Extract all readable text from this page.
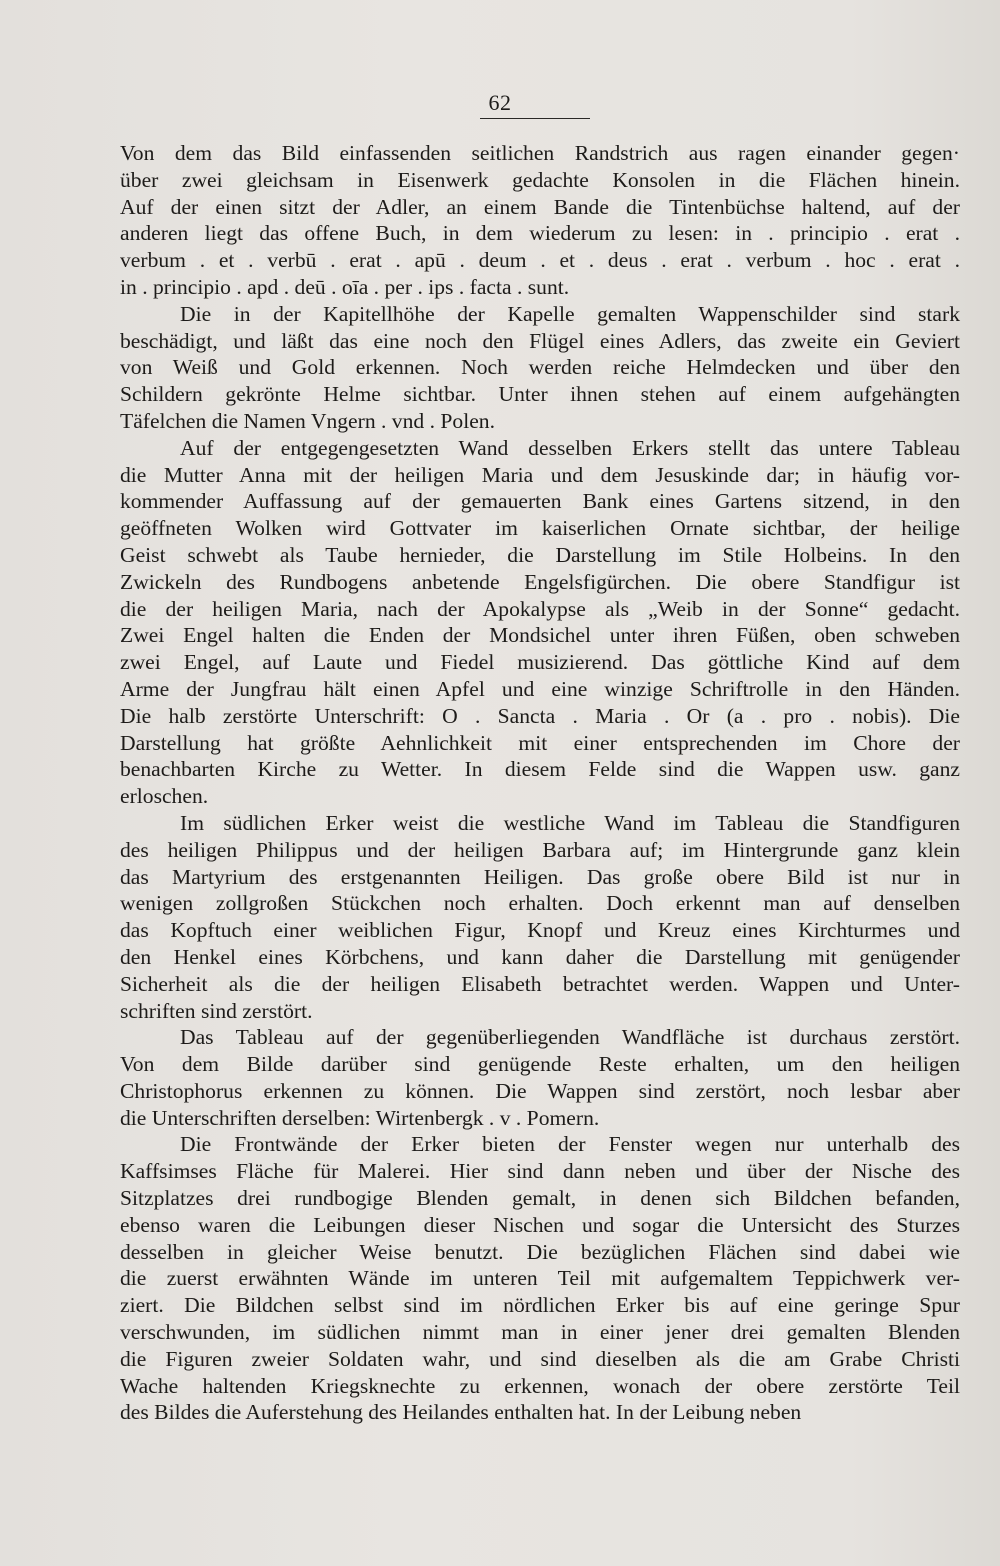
62

Von dem das Bild einfassenden seitlichen Randstrich aus ragen einander gegen·
über zwei gleichsam in Eisenwerk gedachte Konsolen in die Flächen hinein.
Auf der einen sitzt der Adler, an einem Bande die Tintenbüchse haltend, auf der
anderen liegt das offene Buch, in dem wiederum zu lesen: in . principio . erat .
verbum . et . verbū . erat . apū . deum . et . deus . erat . verbum . hoc . erat .
in . principio . apd . deū . oīa . per . ips . facta . sunt.

Die in der Kapitellhöhe der Kapelle gemalten Wappenschilder sind stark
beschädigt, und läßt das eine noch den Flügel eines Adlers, das zweite ein Geviert
von Weiß und Gold erkennen. Noch werden reiche Helmdecken und über den
Schildern gekrönte Helme sichtbar. Unter ihnen stehen auf einem aufgehängten
Täfelchen die Namen Vngern . vnd . Polen.

Auf der entgegengesetzten Wand desselben Erkers stellt das untere Tableau
die Mutter Anna mit der heiligen Maria und dem Jesuskinde dar; in häufig vor-
kommender Auffassung auf der gemauerten Bank eines Gartens sitzend, in den
geöffneten Wolken wird Gottvater im kaiserlichen Ornate sichtbar, der heilige
Geist schwebt als Taube hernieder, die Darstellung im Stile Holbeins. In den
Zwickeln des Rundbogens anbetende Engelsfigürchen. Die obere Standfigur ist
die der heiligen Maria, nach der Apokalypse als „Weib in der Sonne“ gedacht.
Zwei Engel halten die Enden der Mondsichel unter ihren Füßen, oben schweben
zwei Engel, auf Laute und Fiedel musizierend. Das göttliche Kind auf dem
Arme der Jungfrau hält einen Apfel und eine winzige Schriftrolle in den Händen.
Die halb zerstörte Unterschrift: O . Sancta . Maria . Or (a . pro . nobis). Die
Darstellung hat größte Aehnlichkeit mit einer entsprechenden im Chore der
benachbarten Kirche zu Wetter. In diesem Felde sind die Wappen usw. ganz
erloschen.

Im südlichen Erker weist die westliche Wand im Tableau die Standfiguren
des heiligen Philippus und der heiligen Barbara auf; im Hintergrunde ganz klein
das Martyrium des erstgenannten Heiligen. Das große obere Bild ist nur in
wenigen zollgroßen Stückchen noch erhalten. Doch erkennt man auf denselben
das Kopftuch einer weiblichen Figur, Knopf und Kreuz eines Kirchturmes und
den Henkel eines Körbchens, und kann daher die Darstellung mit genügender
Sicherheit als die der heiligen Elisabeth betrachtet werden. Wappen und Unter-
schriften sind zerstört.

Das Tableau auf der gegenüberliegenden Wandfläche ist durchaus zerstört.
Von dem Bilde darüber sind genügende Reste erhalten, um den heiligen
Christophorus erkennen zu können. Die Wappen sind zerstört, noch lesbar aber
die Unterschriften derselben: Wirtenbergk . v . Pomern.

Die Frontwände der Erker bieten der Fenster wegen nur unterhalb des
Kaffsimses Fläche für Malerei. Hier sind dann neben und über der Nische des
Sitzplatzes drei rundbogige Blenden gemalt, in denen sich Bildchen befanden,
ebenso waren die Leibungen dieser Nischen und sogar die Untersicht des Sturzes
desselben in gleicher Weise benutzt. Die bezüglichen Flächen sind dabei wie
die zuerst erwähnten Wände im unteren Teil mit aufgemaltem Teppichwerk ver-
ziert. Die Bildchen selbst sind im nördlichen Erker bis auf eine geringe Spur
verschwunden, im südlichen nimmt man in einer jener drei gemalten Blenden
die Figuren zweier Soldaten wahr, und sind dieselben als die am Grabe Christi
Wache haltenden Kriegsknechte zu erkennen, wonach der obere zerstörte Teil
des Bildes die Auferstehung des Heilandes enthalten hat. In der Leibung neben
